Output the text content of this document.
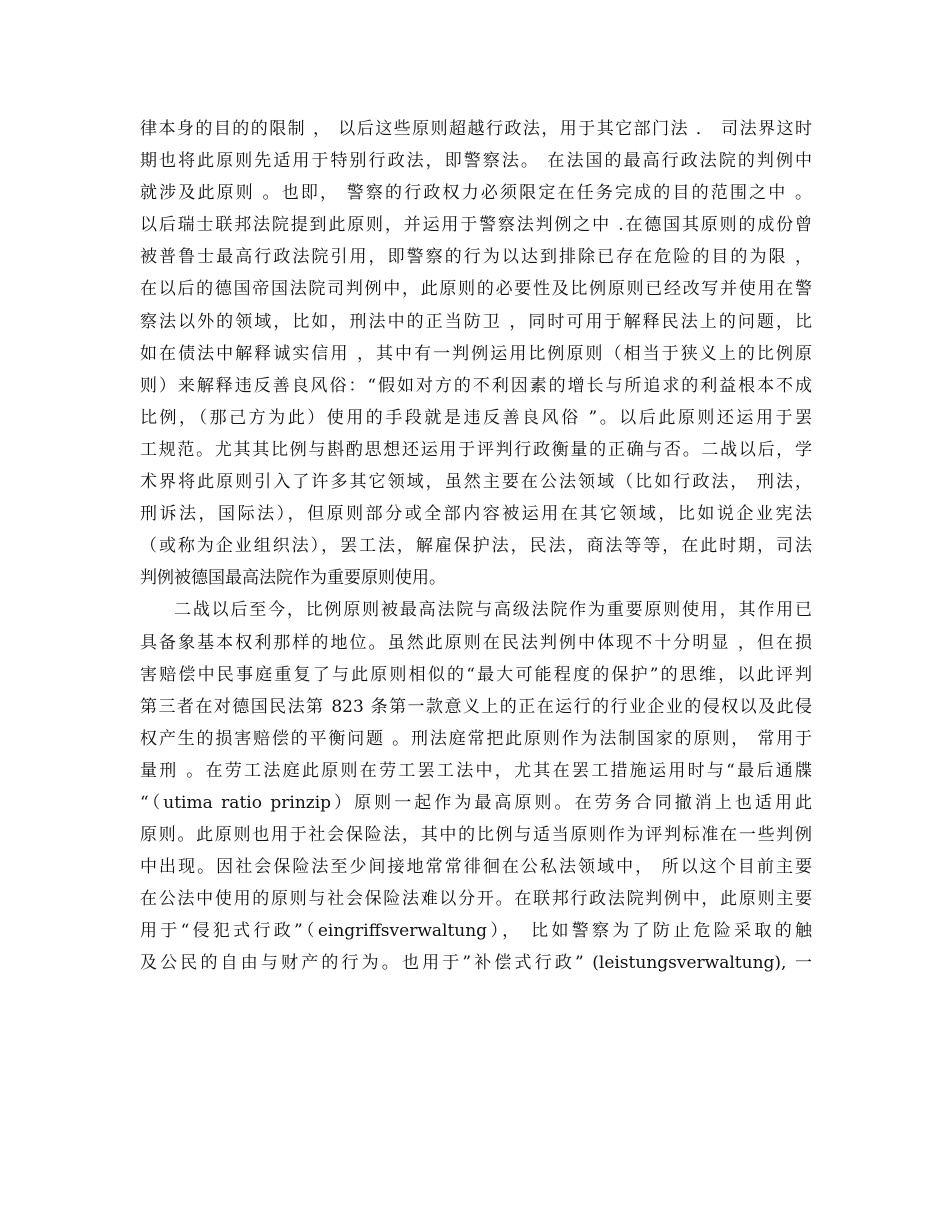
律本身的目的的限制 ， 以后这些原则超越行政法，用于其它部门法 ． 司法界这时
期也将此原则先适用于特别行政法，即警察法。 在法国的最高行政法院的判例中
就涉及此原则 。也即， 警察的行政权力必须限定在任务完成的目的范围之中 。
以后瑞士联邦法院提到此原则，并运用于警察法判例之中 .在德国其原则的成份曾
被普鲁士最高行政法院引用，即警察的行为以达到排除已存在危险的目的为限 ，
在以后的德国帝国法院司判例中，此原则的必要性及比例原则已经改写并使用在警
察法以外的领域，比如，刑法中的正当防卫 ，同时可用于解释民法上的问题，比
如在债法中解释诚实信用 ，其中有一判例运用比例原则（相当于狭义上的比例原
则）来解释违反善良风俗：“假如对方的不利因素的增长与所追求的利益根本不成
比例，（那己方为此）使用的手段就是违反善良风俗 ”。以后此原则还运用于罢
工规范。尤其其比例与斟酌思想还运用于评判行政衡量的正确与否。二战以后，学
术界将此原则引入了许多其它领域，虽然主要在公法领域（比如行政法， 刑法，
刑诉法，国际法），但原则部分或全部内容被运用在其它领域，比如说企业宪法
（或称为企业组织法），罢工法，解雇保护法，民法，商法等等，在此时期，司法
判例被德国最高法院作为重要原则使用。
二战以后至今，比例原则被最高法院与高级法院作为重要原则使用，其作用已
具备象基本权利那样的地位。虽然此原则在民法判例中体现不十分明显 ，但在损
害赔偿中民事庭重复了与此原则相似的“最大可能程度的保护”的思维，以此评判
第三者在对德国民法第 823 条第一款意义上的正在运行的行业企业的侵权以及此侵
权产生的损害赔偿的平衡问题 。刑法庭常把此原则作为法制国家的原则， 常用于
量刑 。在劳工法庭此原则在劳工罢工法中，尤其在罢工措施运用时与“最后通牒
“（utima ratio prinzip）原则一起作为最高原则。在劳务合同撤消上也适用此
原则。此原则也用于社会保险法，其中的比例与适当原则作为评判标准在一些判例
中出现。因社会保险法至少间接地常常徘徊在公私法领域中， 所以这个目前主要
在公法中使用的原则与社会保险法难以分开。在联邦行政法院判例中，此原则主要
用于“侵犯式行政”（eingriffsverwaltung）， 比如警察为了防止危险采取的触
及公民的自由与财产的行为。也用于”补偿式行政” (leistungsverwaltung), 一
